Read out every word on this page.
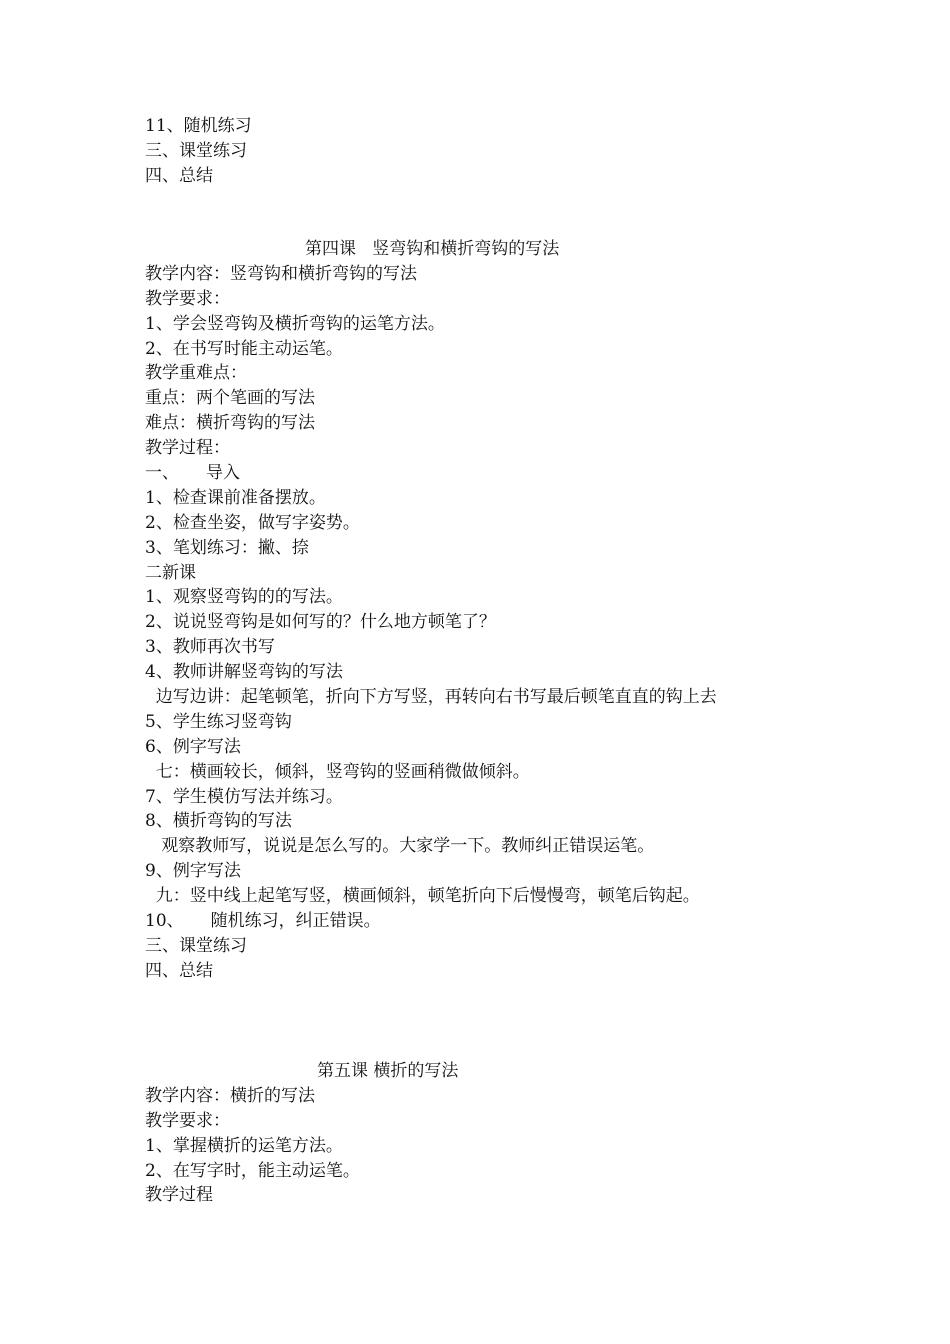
11、随机练习
三、课堂练习
四、总结
第四课   竖弯钩和横折弯钩的写法
教学内容：竖弯钩和横折弯钩的写法
教学要求：
1、学会竖弯钩及横折弯钩的运笔方法。
2、在书写时能主动运笔。
教学重难点：
重点：两个笔画的写法
难点：横折弯钩的写法
教学过程：
一、     导入
1、检查课前准备摆放。
2、检查坐姿，做写字姿势。
3、笔划练习：撇、捺
二新课
1、观察竖弯钩的的写法。
2、说说竖弯钩是如何写的？什么地方顿笔了？
3、教师再次书写
4、教师讲解竖弯钩的写法
边写边讲：起笔顿笔，折向下方写竖，再转向右书写最后顿笔直直的钩上去
5、学生练习竖弯钩
6、例字写法
七：横画较长，倾斜，竖弯钩的竖画稍微做倾斜。
7、学生模仿写法并练习。
8、横折弯钩的写法
观察教师写，说说是怎么写的。大家学一下。教师纠正错误运笔。
9、例字写法
九：竖中线上起笔写竖，横画倾斜，顿笔折向下后慢慢弯，顿笔后钩起。
10、     随机练习，纠正错误。
三、课堂练习
四、总结
第五课 横折的写法
教学内容：横折的写法
教学要求：
1、掌握横折的运笔方法。
2、在写字时，能主动运笔。
教学过程
